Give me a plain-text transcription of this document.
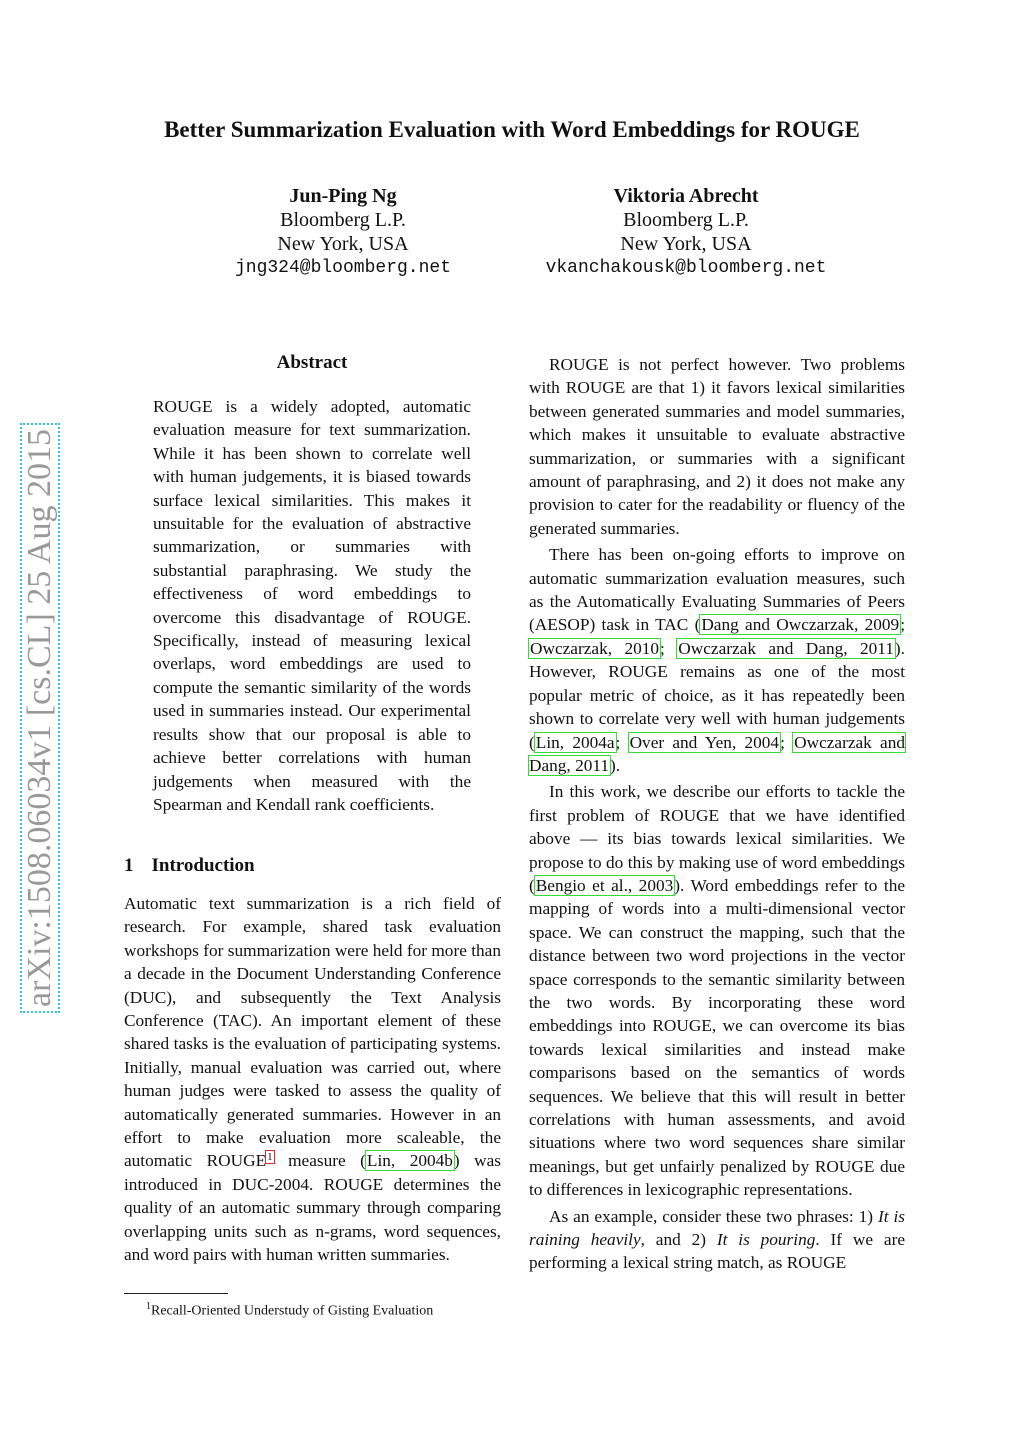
arXiv:1508.06034v1 [cs.CL] 25 Aug 2015
Better Summarization Evaluation with Word Embeddings for ROUGE
Jun-Ping Ng
Bloomberg L.P.
New York, USA
jng324@bloomberg.net
Viktoria Abrecht
Bloomberg L.P.
New York, USA
vkanchakousk@bloomberg.net
Abstract

ROUGE is a widely adopted, automatic evaluation measure for text summarization. While it has been shown to correlate well with human judgements, it is biased towards surface lexical similarities. This makes it unsuitable for the evaluation of abstractive summarization, or summaries with substantial paraphrasing. We study the effectiveness of word embeddings to overcome this disadvantage of ROUGE. Specifically, instead of measuring lexical overlaps, word embeddings are used to compute the semantic similarity of the words used in summaries instead. Our experimental results show that our proposal is able to achieve better correlations with human judgements when measured with the Spearman and Kendall rank coefficients.

1 Introduction

Automatic text summarization is a rich field of research. For example, shared task evaluation workshops for summarization were held for more than a decade in the Document Understanding Conference (DUC), and subsequently the Text Analysis Conference (TAC). An important element of these shared tasks is the evaluation of participating systems. Initially, manual evaluation was carried out, where human judges were tasked to assess the quality of automatically generated summaries. However in an effort to make evaluation more scaleable, the automatic ROUGE$^1$ measure (Lin, 2004b) was introduced in DUC-2004. ROUGE determines the quality of an automatic summary through comparing overlapping units such as n-grams, word sequences, and word pairs with human written summaries.

$^1$Recall-Oriented Understudy of Gisting Evaluation

ROUGE is not perfect however. Two problems with ROUGE are that 1) it favors lexical similarities between generated summaries and model summaries, which makes it unsuitable to evaluate abstractive summarization, or summaries with a significant amount of paraphrasing, and 2) it does not make any provision to cater for the readability or fluency of the generated summaries.

There has been on-going efforts to improve on automatic summarization evaluation measures, such as the Automatically Evaluating Summaries of Peers (AESOP) task in TAC (Dang and Owczarzak, 2009; Owczarzak, 2010; Owczarzak and Dang, 2011). However, ROUGE remains as one of the most popular metric of choice, as it has repeatedly been shown to correlate very well with human judgements (Lin, 2004a; Over and Yen, 2004; Owczarzak and Dang, 2011).

In this work, we describe our efforts to tackle the first problem of ROUGE that we have identified above — its bias towards lexical similarities. We propose to do this by making use of word embeddings (Bengio et al., 2003). Word embeddings refer to the mapping of words into a multi-dimensional vector space. We can construct the mapping, such that the distance between two word projections in the vector space corresponds to the semantic similarity between the two words. By incorporating these word embeddings into ROUGE, we can overcome its bias towards lexical similarities and instead make comparisons based on the semantics of words sequences. We believe that this will result in better correlations with human assessments, and avoid situations where two word sequences share similar meanings, but get unfairly penalized by ROUGE due to differences in lexicographic representations.

As an example, consider these two phrases: 1) It is raining heavily, and 2) It is pouring. If we are performing a lexical string match, as ROUGE
